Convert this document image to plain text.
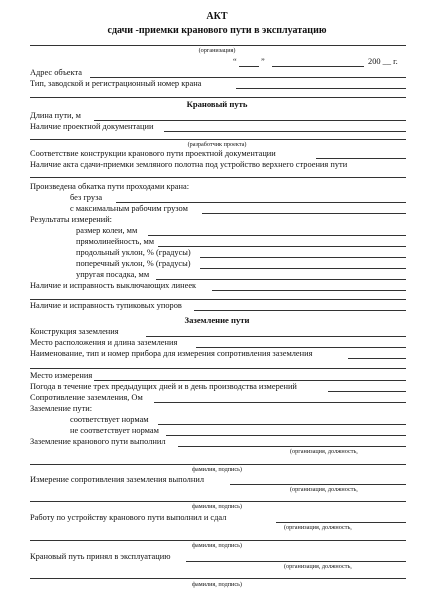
АКТ
сдачи -приемки кранового пути в эксплуатацию
(организация)
“	”	200 __ г.
Адрес объекта
Тип, заводской и регистрационный номер крана
Крановый путь
Длина пути, м
Наличие проектной документации
(разработчик проекта)
Соответствие конструкции кранового пути проектной документации
Наличие акта сдачи-приемки земляного полотна под устройство верхнего строения пути
Произведена обкатка пути проходами крана:
без груза
с максимальным рабочим грузом
Результаты измерений:
размер колеи, мм
прямолинейность, мм
продольный уклон, % (градусы)
поперечный уклон, % (градусы)
упругая посадка, мм
Наличие и исправность выключающих линеек
Наличие и исправность тупиковых упоров
Заземление пути
Конструкция заземления
Место расположения и длина заземления
Наименование, тип и номер прибора для измерения сопротивления заземления
Место измерения
Погода в течение трех предыдущих дней и в день производства измерений
Сопротивление заземления, Ом
Заземление пути:
соответствует нормам
не соответствует нормам
Заземление кранового пути выполнил
(организация, должность,
фамилия, подпись)
Измерение сопротивления заземления выполнил
(организация, должность,
фамилия, подпись)
Работу по устройству кранового пути выполнил и сдал
(организация, должность,
фамилия, подпись)
Крановый путь принял в эксплуатацию
(организация, должность,
фамилия, подпись)
